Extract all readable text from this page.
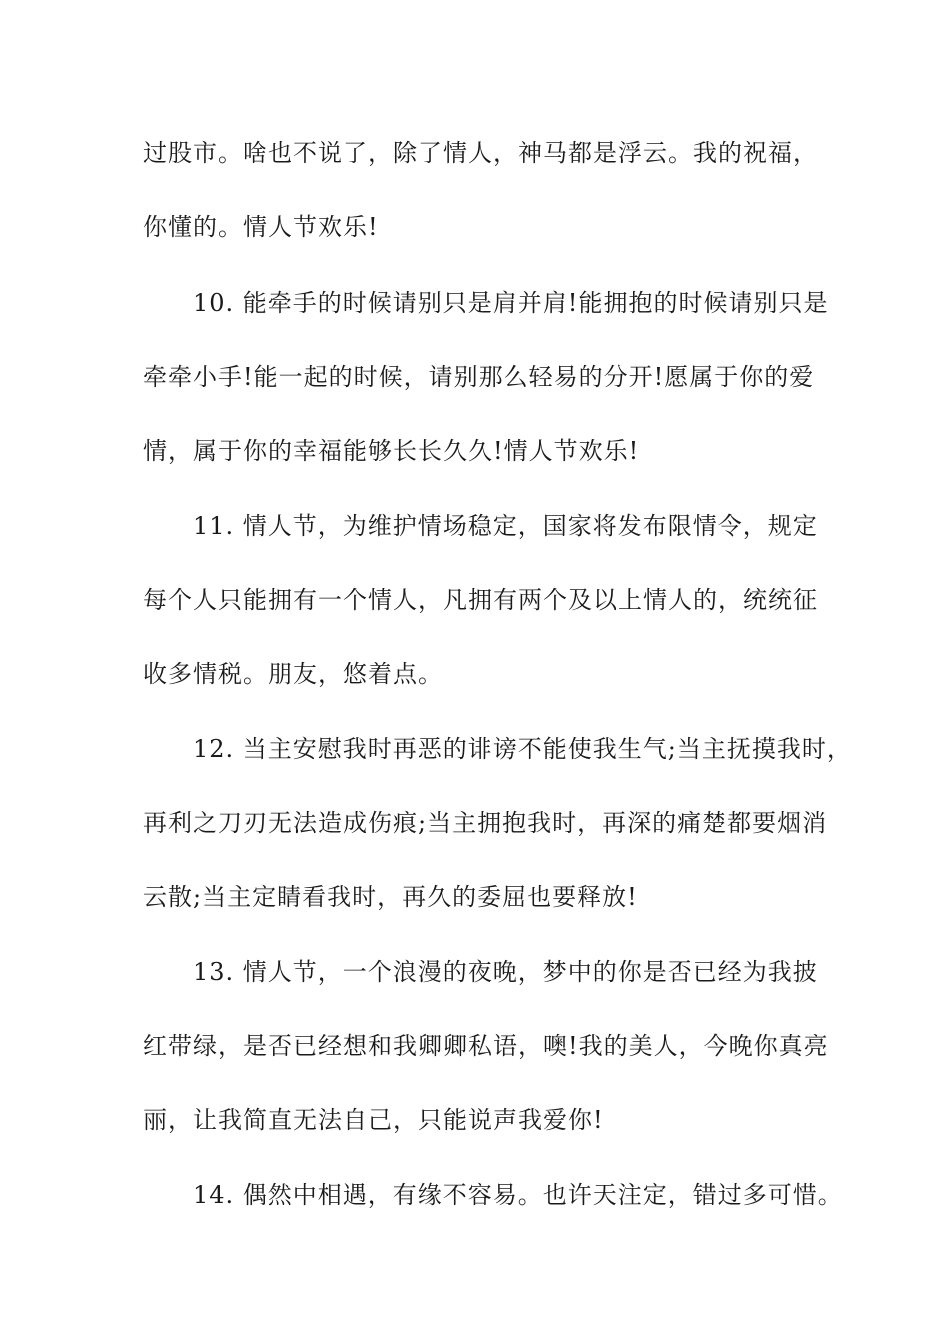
过股市。啥也不说了，除了情人，神马都是浮云。我的祝福，
你懂的。情人节欢乐!
10. 能牵手的时候请别只是肩并肩!能拥抱的时候请别只是
牵牵小手!能一起的时候，请别那么轻易的分开!愿属于你的爱
情，属于你的幸福能够长长久久!情人节欢乐!
11. 情人节，为维护情场稳定，国家将发布限情令，规定
每个人只能拥有一个情人，凡拥有两个及以上情人的，统统征
收多情税。朋友，悠着点。
12. 当主安慰我时再恶的诽谤不能使我生气;当主抚摸我时，
再利之刀刃无法造成伤痕;当主拥抱我时，再深的痛楚都要烟消
云散;当主定睛看我时，再久的委屈也要释放!
13. 情人节，一个浪漫的夜晚，梦中的你是否已经为我披
红带绿，是否已经想和我卿卿私语，噢!我的美人，今晚你真亮
丽，让我简直无法自己，只能说声我爱你!
14. 偶然中相遇，有缘不容易。也许天注定，错过多可惜。
